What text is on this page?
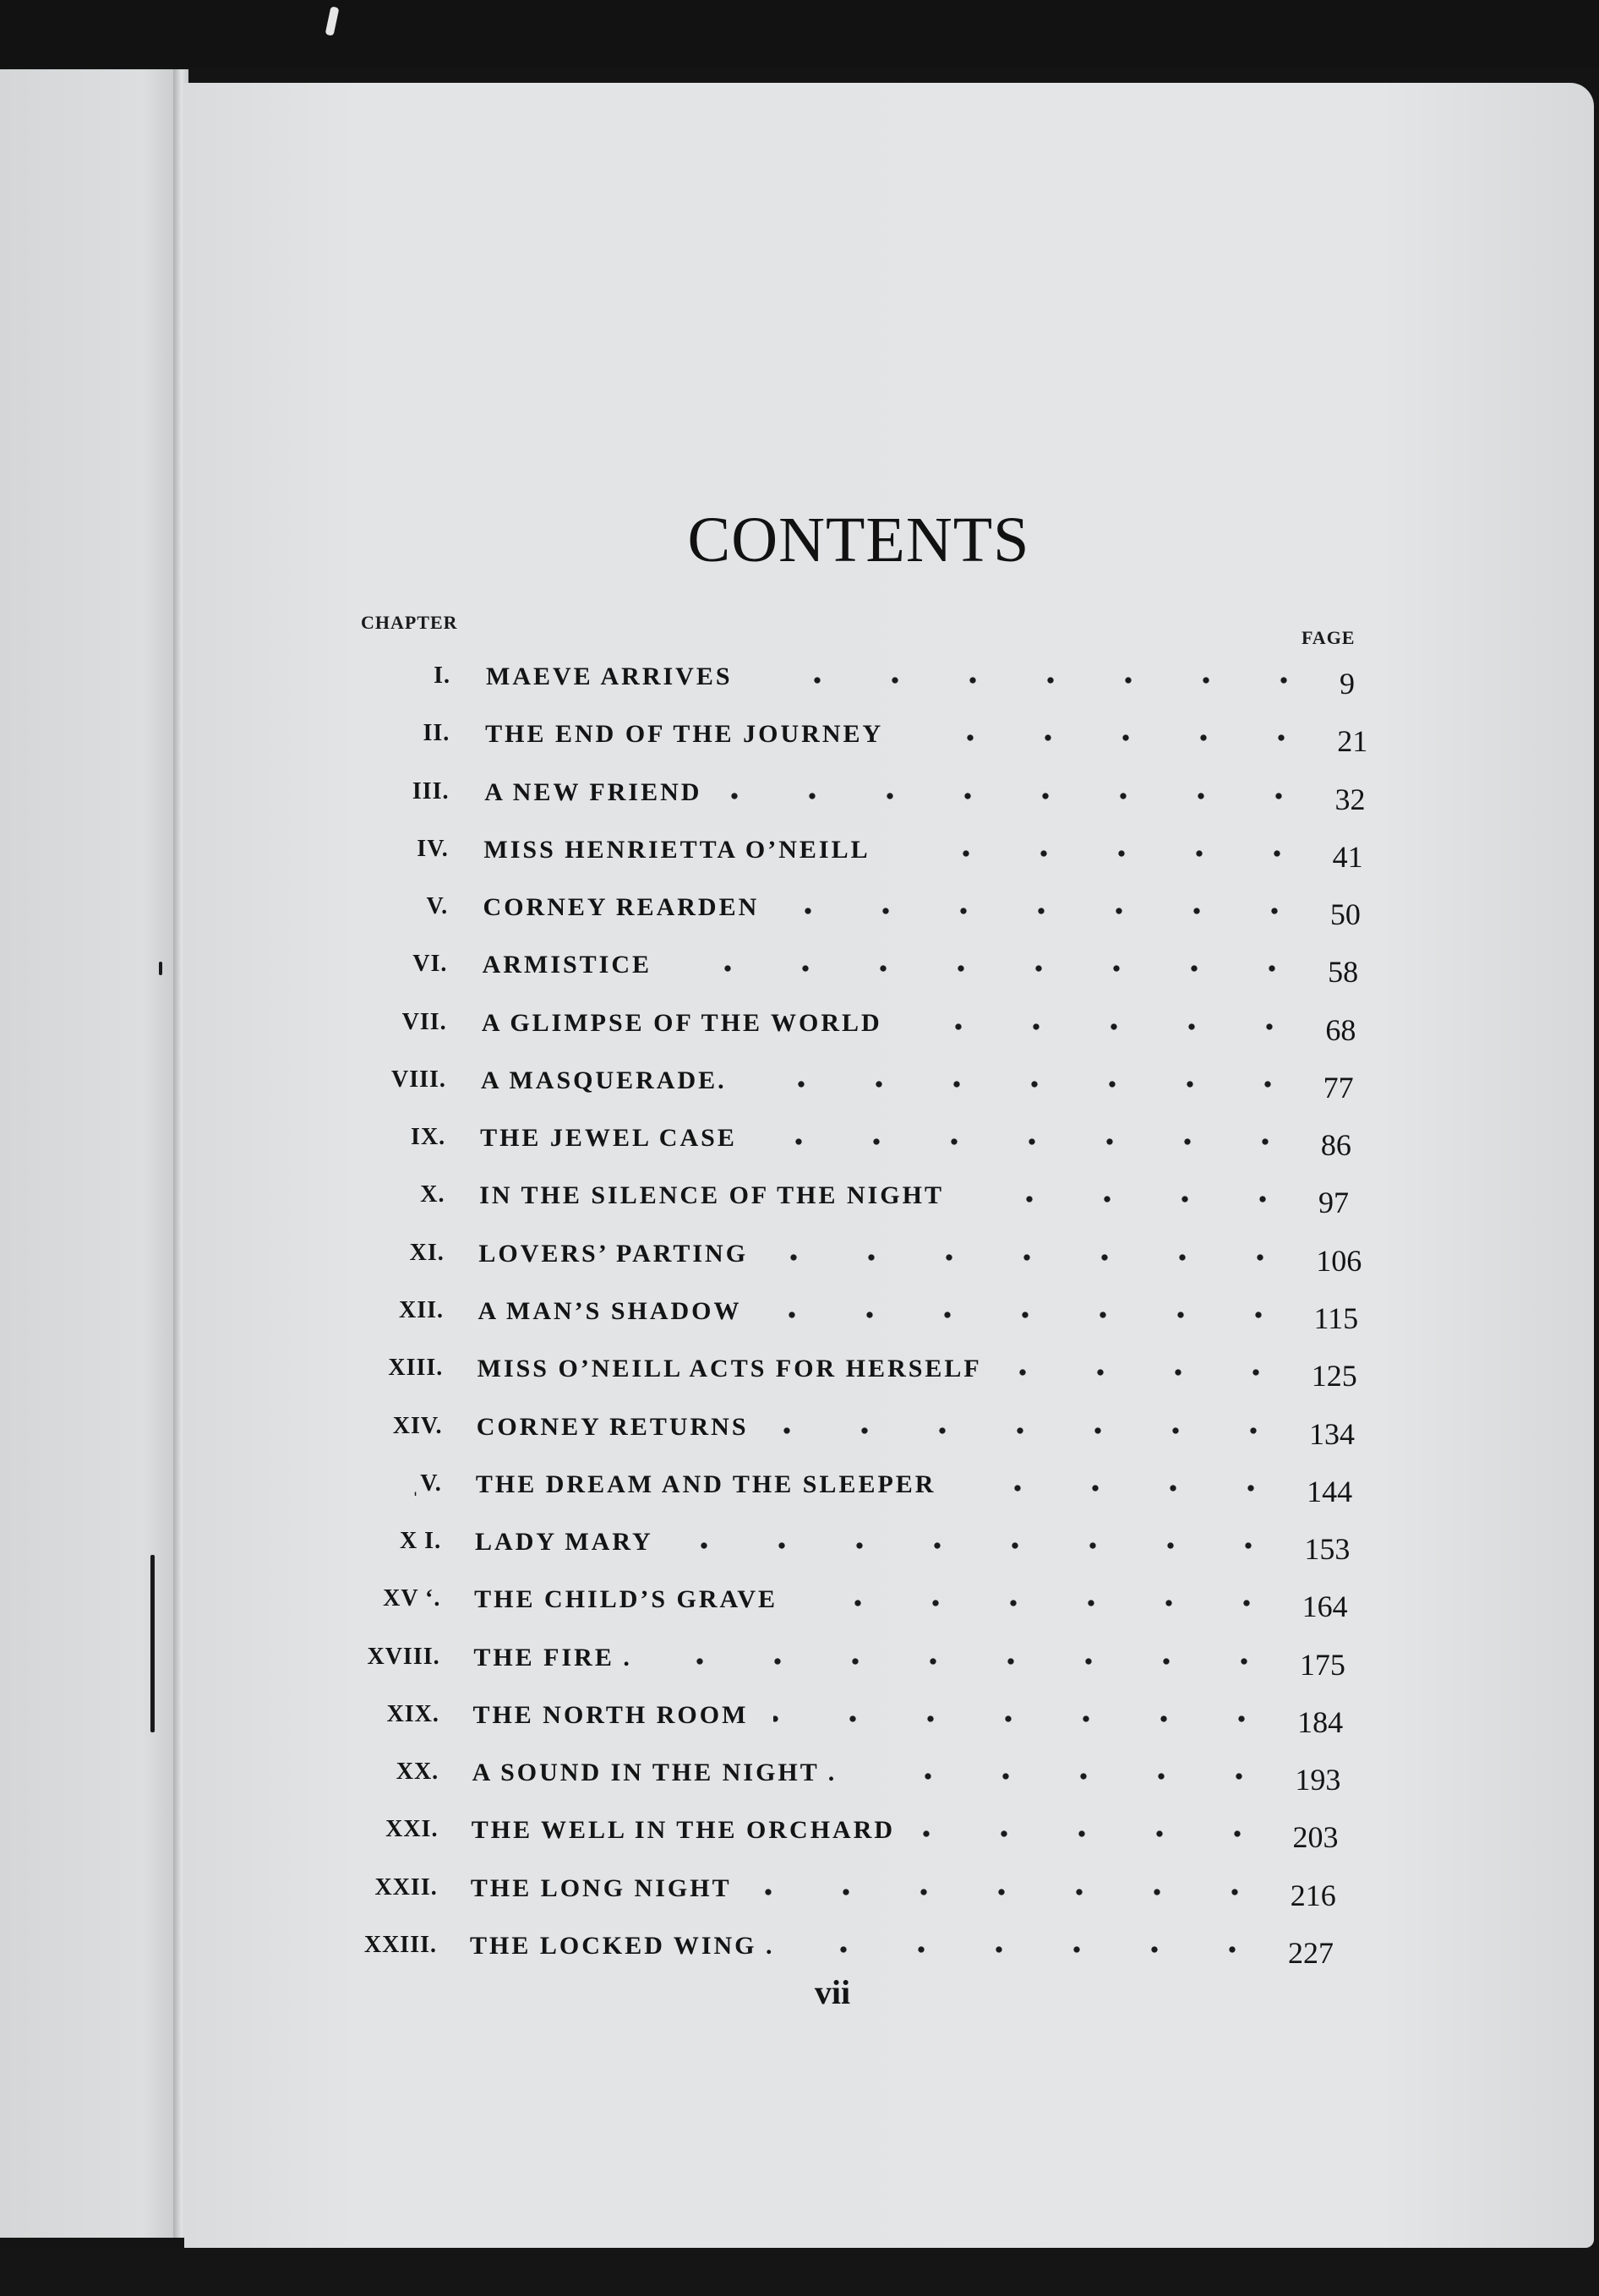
CONTENTS
CHAPTER
FAGE
I. MAEVE ARRIVES	9
II. THE END OF THE JOURNEY	21
III. A NEW FRIEND	32
IV. MISS HENRIETTA O’NEILL	41
V. CORNEY REARDEN	50
VI. ARMISTICE	58
VII. A GLIMPSE OF THE WORLD	68
VIII. A MASQUERADE.	77
IX. THE JEWEL CASE	86
X. IN THE SILENCE OF THE NIGHT	97
XI. LOVERS’ PARTING	106
XII. A MAN’S SHADOW	115
XIII. MISS O’NEILL ACTS FOR HERSELF	125
XIV. CORNEY RETURNS	134
ˌV. THE DREAM AND THE SLEEPER	144
X I. LADY MARY	153
XV ʻ. THE CHILD’S GRAVE	164
XVIII. THE FIRE .	175
XIX. THE NORTH ROOM	184
XX. A SOUND IN THE NIGHT .	193
XXI. THE WELL IN THE ORCHARD	203
XXII. THE LONG NIGHT	216
XXIII. THE LOCKED WING .	227
vii
